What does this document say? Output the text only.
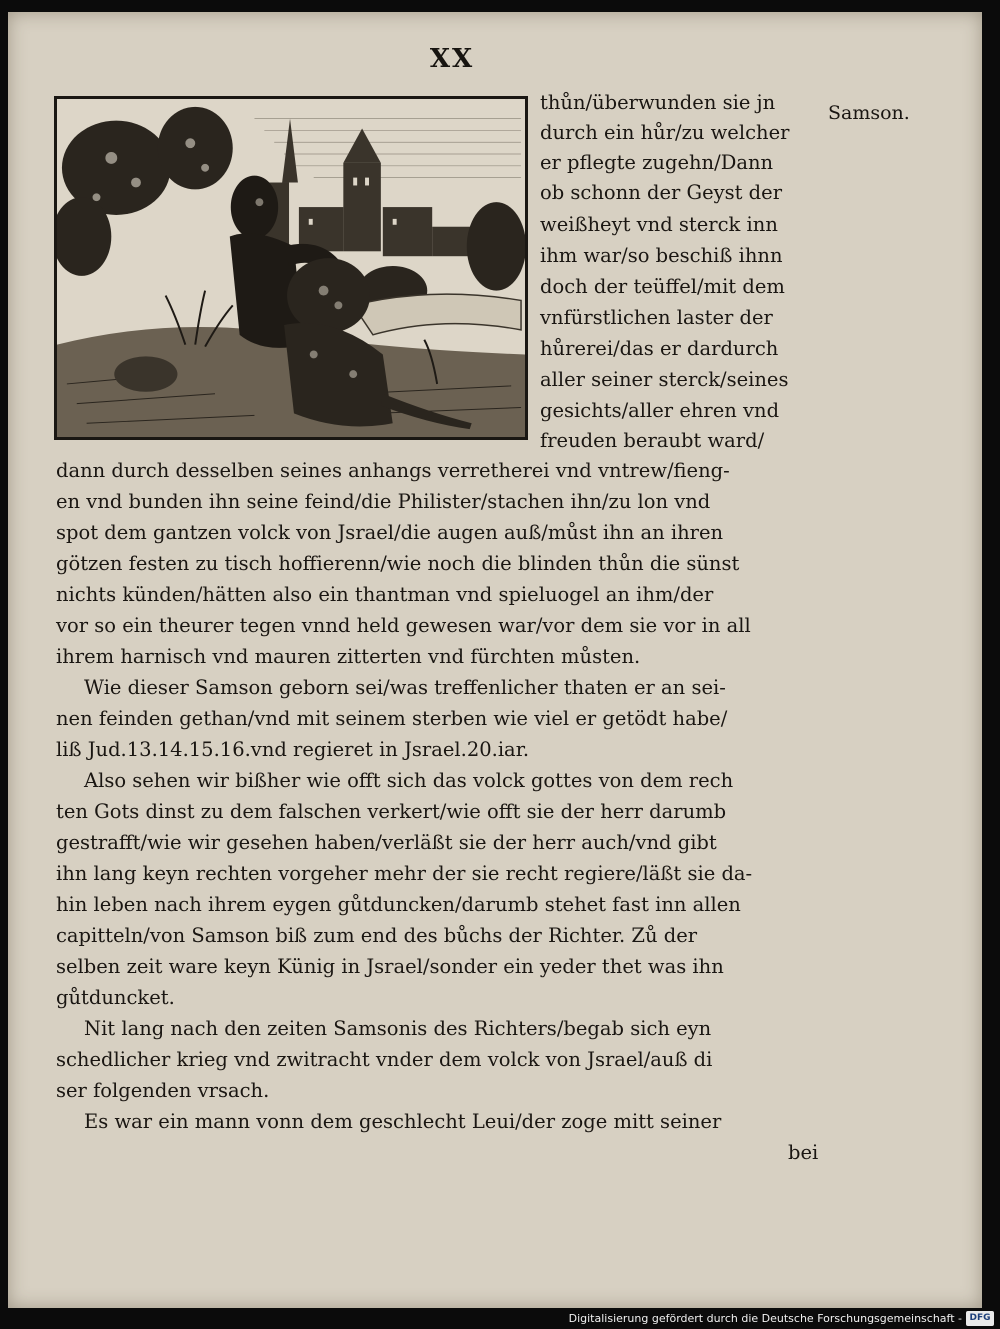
XX
Samson.
thůn/überwunden sie jn
durch ein hůr/zu welcher
er pflegte zugehn/Dann
ob schonn der Geyst der
weißheyt vnd sterck inn
ihm war/so beschiß ihnn
doch der teüffel/mit dem
vnfürstlichen laster der
hůrerei/das er dardurch
aller seiner sterck/seines
gesichts/aller ehren vnd
freuden beraubt ward/
dann durch desselben seines anhangs verretherei vnd vntrew/fieng-
en vnd bunden ihn seine feind/die Philister/stachen ihn/zu lon vnd
spot dem gantzen volck von Jsrael/die augen auß/můst ihn an ihren
götzen festen zu tisch hoffierenn/wie noch die blinden thůn die sünst
nichts künden/hätten also ein thantman vnd spieluogel an ihm/der
vor so ein theurer tegen vnnd held gewesen war/vor dem sie vor in all
ihrem harnisch vnd mauren zitterten vnd fürchten můsten.
Wie dieser Samson geborn sei/was treffenlicher thaten er an sei-
nen feinden gethan/vnd mit seinem sterben wie viel er getödt habe/
liß Jud.13.14.15.16.vnd regieret in Jsrael.20.iar.
Also sehen wir bißher wie offt sich das volck gottes von dem rech
ten Gots dinst zu dem falschen verkert/wie offt sie der herr darumb
gestrafft/wie wir gesehen haben/verläßt sie der herr auch/vnd gibt
ihn lang keyn rechten vorgeher mehr der sie recht regiere/läßt sie da-
hin leben nach ihrem eygen gůtduncken/darumb stehet fast inn allen
capitteln/von Samson biß zum end des bůchs der Richter. Zů der
selben zeit ware keyn Künig in Jsrael/sonder ein yeder thet was ihn
gůtduncket.
Nit lang nach den zeiten Samsonis des Richters/begab sich eyn
schedlicher krieg vnd zwitracht vnder dem volck von Jsrael/auß di
ser folgenden vrsach.
Es war ein mann vonn dem geschlecht Leui/der zoge mitt seiner
bei
Digitalisierung gefördert durch die Deutsche Forschungsgemeinschaft - DFG
